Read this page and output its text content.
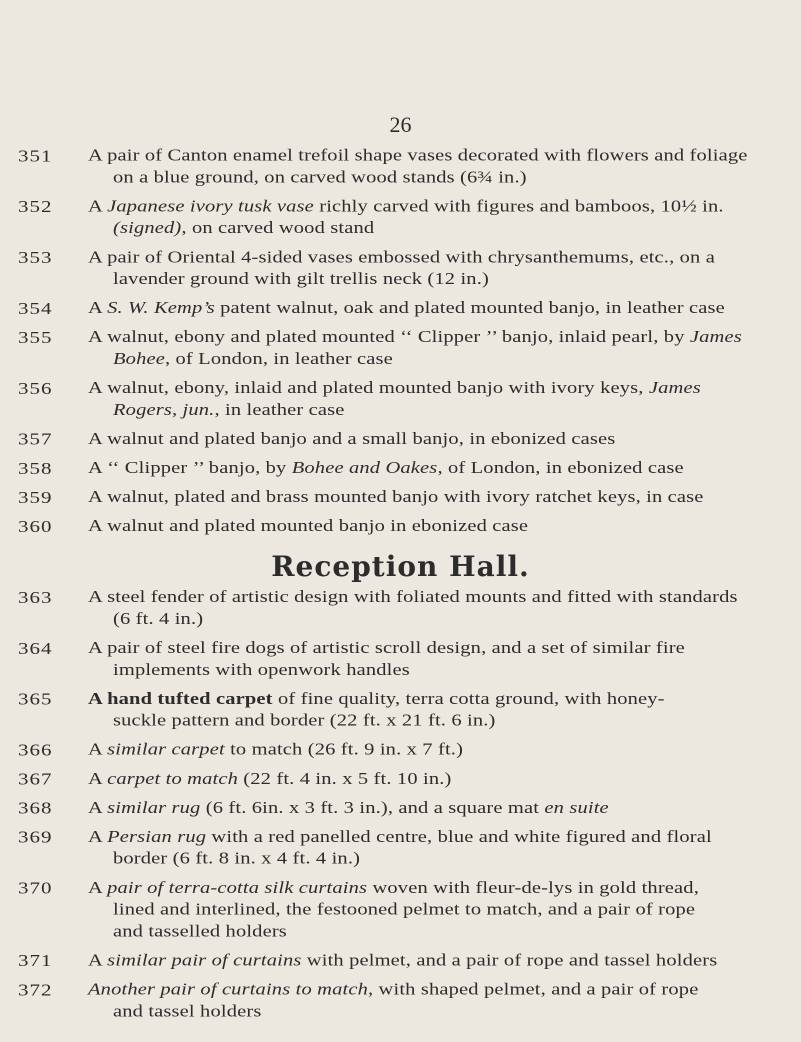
26
351	A pair of Canton enamel trefoil shape vases decorated with flowers and foliage
on a blue ground, on carved wood stands (6¾ in.)
352	A Japanese ivory tusk vase richly carved with figures and bamboos, 10½ in.
(signed), on carved wood stand
353	A pair of Oriental 4-sided vases embossed with chrysanthemums, etc., on a
lavender ground with gilt trellis neck (12 in.)
354	A S. W. Kemp’s patent walnut, oak and plated mounted banjo, in leather case
355	A walnut, ebony and plated mounted ‘‘ Clipper ’’ banjo, inlaid pearl, by James
Bohee, of London, in leather case
356	A walnut, ebony, inlaid and plated mounted banjo with ivory keys, James
Rogers, jun., in leather case
357	A walnut and plated banjo and a small banjo, in ebonized cases
358	A ‘‘ Clipper ’’ banjo, by Bohee and Oakes, of London, in ebonized case
359	A walnut, plated and brass mounted banjo with ivory ratchet keys, in case
360	A walnut and plated mounted banjo in ebonized case
363	A steel fender of artistic design with foliated mounts and fitted with standards
(6 ft. 4 in.)
364	A pair of steel fire dogs of artistic scroll design, and a set of similar fire
implements with openwork handles
365	A hand tufted carpet of fine quality, terra cotta ground, with honey-
suckle pattern and border (22 ft. x 21 ft. 6 in.)
366	A similar carpet to match (26 ft. 9 in. x 7 ft.)
367	A carpet to match (22 ft. 4 in. x 5 ft. 10 in.)
368	A similar rug (6 ft. 6in. x 3 ft. 3 in.), and a square mat en suite
369	A Persian rug with a red panelled centre, blue and white figured and floral
border (6 ft. 8 in. x 4 ft. 4 in.)
370	A pair of terra-cotta silk curtains woven with fleur-de-lys in gold thread,
lined and interlined, the festooned pelmet to match, and a pair of rope
and tasselled holders
371	A similar pair of curtains with pelmet, and a pair of rope and tassel holders
372	Another pair of curtains to match, with shaped pelmet, and a pair of rope
and tassel holders
Reception Hall.
